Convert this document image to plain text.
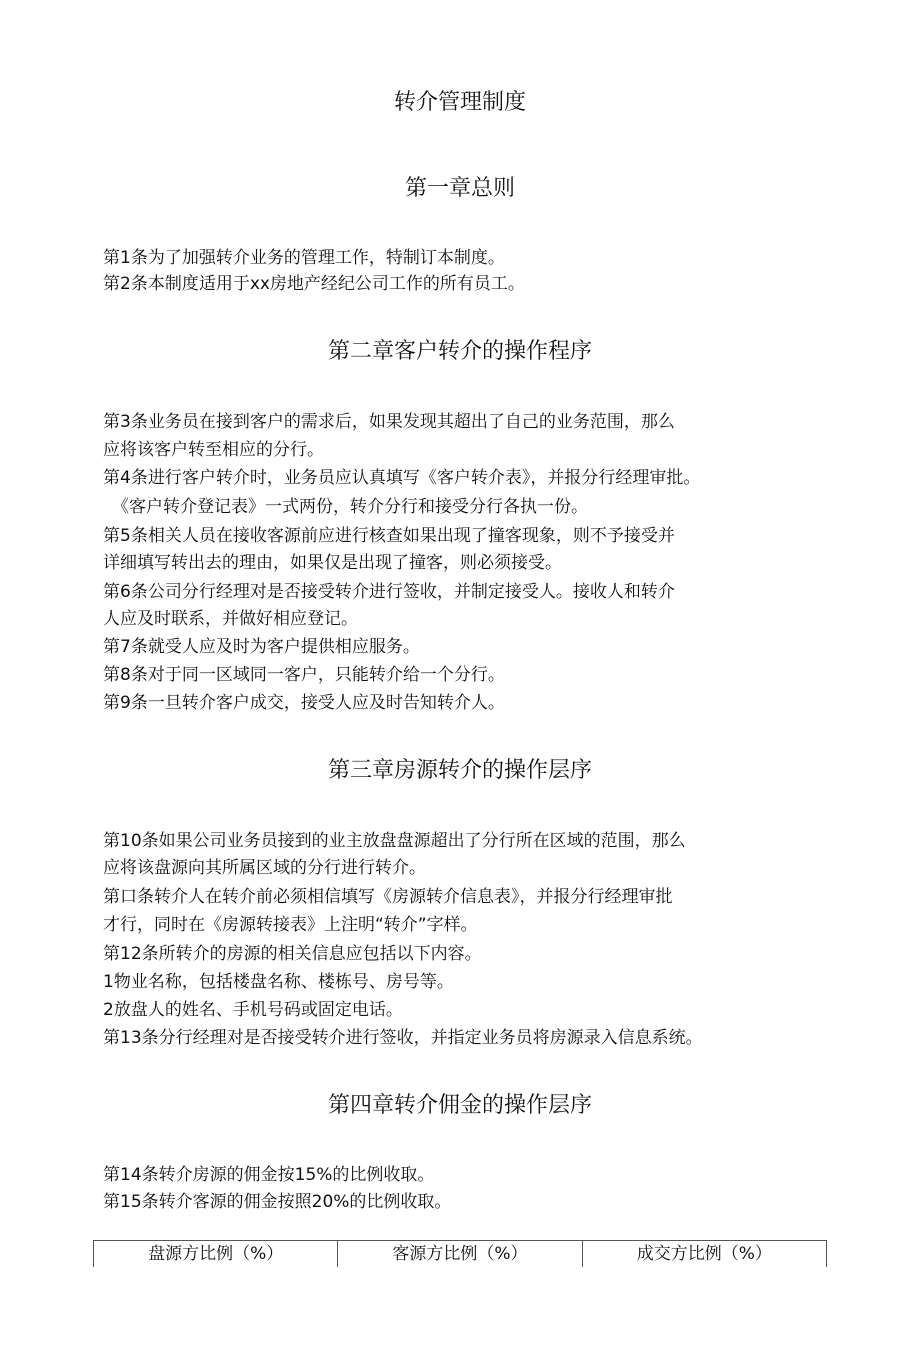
转介管理制度
第一章总则

第1条为了加强转介业务的管理工作，特制订本制度。

第2条本制度适用于xx房地产经纪公司工作的所有员工。

第二章客户转介的操作程序

第3条业务员在接到客户的需求后，如果发现其超出了自己的业务范围，那么

应将该客户转至相应的分行。

第4条进行客户转介时，业务员应认真填写《客户转介表》，并报分行经理审批。

《客户转介登记表》一式两份，转介分行和接受分行各执一份。

第5条相关人员在接收客源前应进行核查如果出现了撞客现象，则不予接受并

详细填写转出去的理由，如果仅是出现了撞客，则必须接受。

第6条公司分行经理对是否接受转介进行签收，并制定接受人。接收人和转介

人应及时联系，并做好相应登记。

第7条就受人应及时为客户提供相应服务。

第8条对于同一区域同一客户，只能转介给一个分行。

第9条一旦转介客户成交，接受人应及时告知转介人。

第三章房源转介的操作层序

第10条如果公司业务员接到的业主放盘盘源超出了分行所在区域的范围，那么

应将该盘源向其所属区域的分行进行转介。

第口条转介人在转介前必须相信填写《房源转介信息表》，并报分行经理审批

才行，同时在《房源转接表》上注明“转介”字样。

第12条所转介的房源的相关信息应包括以下内容。

1物业名称，包括楼盘名称、楼栋号、房号等。

2放盘人的姓名、手机号码或固定电话。

第13条分行经理对是否接受转介进行签收，并指定业务员将房源录入信息系统。

第四章转介佣金的操作层序

第14条转介房源的佣金按15%的比例收取。

第15条转介客源的佣金按照20%的比例收取。

盘源方比例（%）	客源方比例（%）	成交方比例（%）
